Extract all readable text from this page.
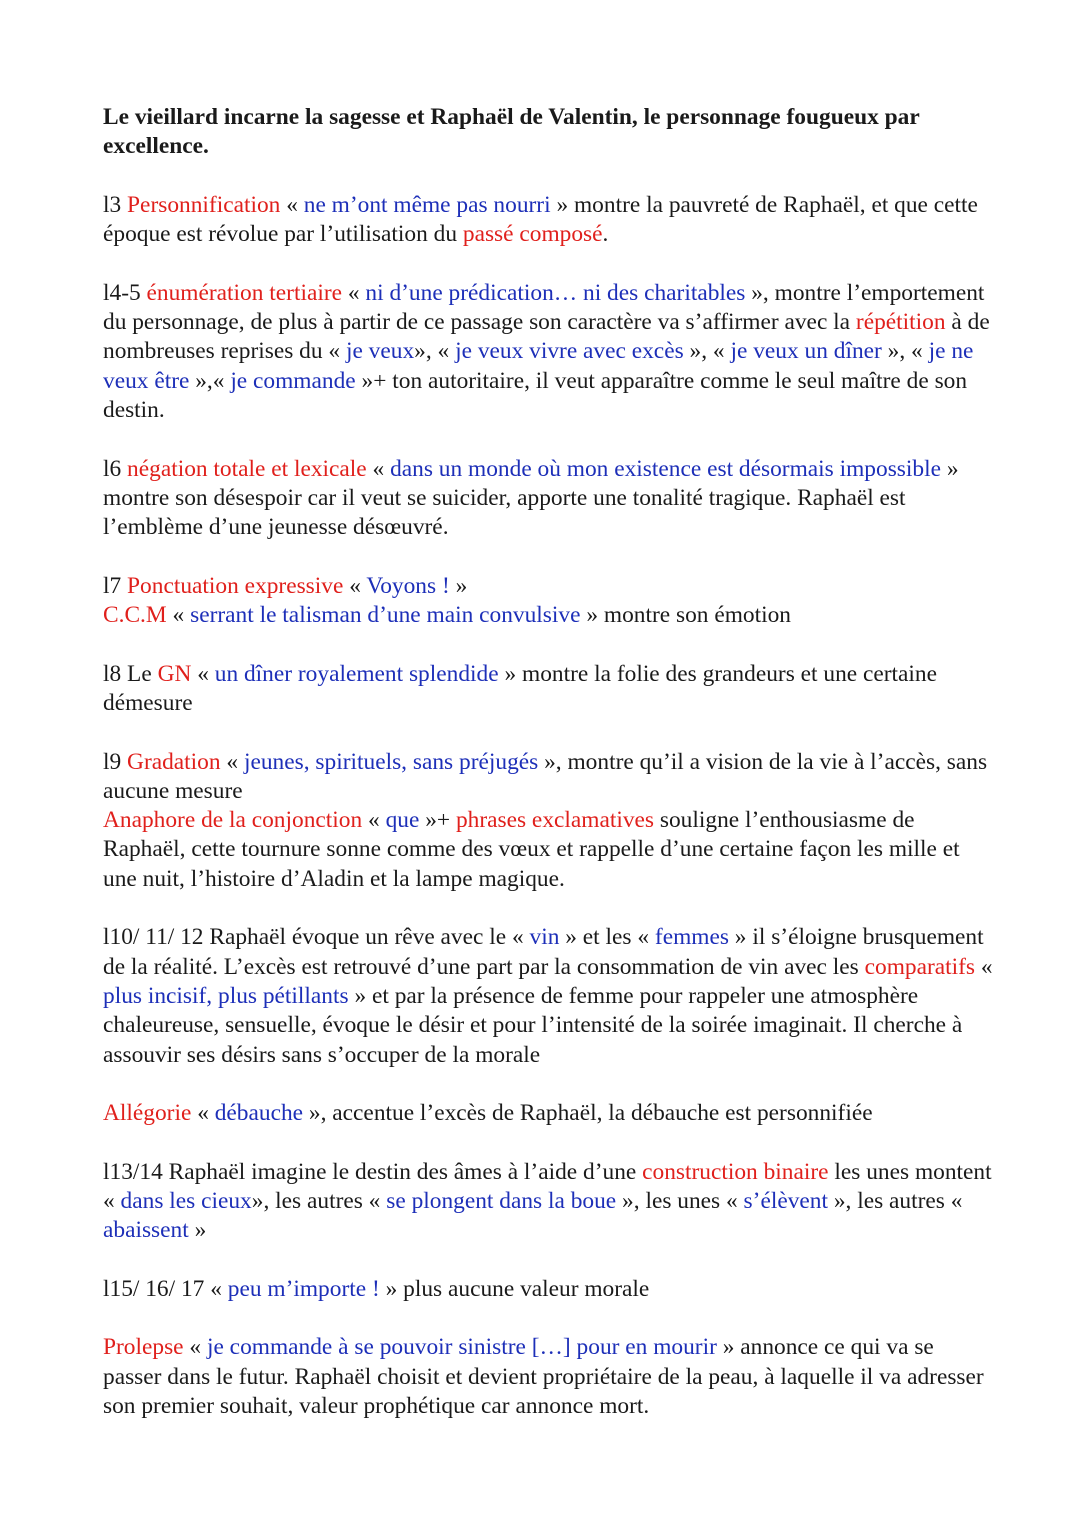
Le vieillard incarne la sagesse et Raphaël de Valentin, le personnage fougueux par excellence.

l3 Personnification « ne m’ont même pas nourri » montre la pauvreté de Raphaël, et que cette époque est révolue par l’utilisation du passé composé.

l4-5 énumération tertiaire « ni d’une prédication… ni des charitables », montre l’emportement du personnage, de plus à partir de ce passage son caractère va s’affirmer avec la répétition à de nombreuses reprises du « je veux», « je veux vivre avec excès », « je veux un dîner », « je ne veux être »,« je commande »+ ton autoritaire, il veut apparaître comme le seul maître de son destin.

l6 négation totale et lexicale « dans un monde où mon existence est désormais impossible » montre son désespoir car il veut se suicider, apporte une tonalité tragique. Raphaël est l’emblème d’une jeunesse désœuvré.

l7 Ponctuation expressive « Voyons ! »

C.C.M « serrant le talisman d’une main convulsive » montre son émotion

l8 Le GN « un dîner royalement splendide » montre la folie des grandeurs et une certaine démesure

l9 Gradation « jeunes, spirituels, sans préjugés », montre qu’il a vision de la vie à l’accès, sans aucune mesure

Anaphore de la conjonction « que »+ phrases exclamatives souligne l’enthousiasme de Raphaël, cette tournure sonne comme des vœux et rappelle d’une certaine façon les mille et une nuit, l’histoire d’Aladin et la lampe magique.

l10/ 11/ 12 Raphaël évoque un rêve avec le « vin » et les « femmes » il s’éloigne brusquement de la réalité. L’excès est retrouvé d’une part par la consommation de vin avec les comparatifs « plus incisif, plus pétillants » et par la présence de femme pour rappeler une atmosphère chaleureuse, sensuelle, évoque le désir et pour l’intensité de la soirée imaginait. Il cherche à assouvir ses désirs sans s’occuper de la morale

Allégorie « débauche », accentue l’excès de Raphaël, la débauche est personnifiée

l13/14 Raphaël imagine le destin des âmes à l’aide d’une construction binaire les unes montent « dans les cieux», les autres « se plongent dans la boue », les unes « s’élèvent », les autres « abaissent »

l15/ 16/ 17 « peu m’importe ! » plus aucune valeur morale

Prolepse « je commande à se pouvoir sinistre […] pour en mourir » annonce ce qui va se passer dans le futur. Raphaël choisit et devient propriétaire de la peau, à laquelle il va adresser son premier souhait, valeur prophétique car annonce mort.
